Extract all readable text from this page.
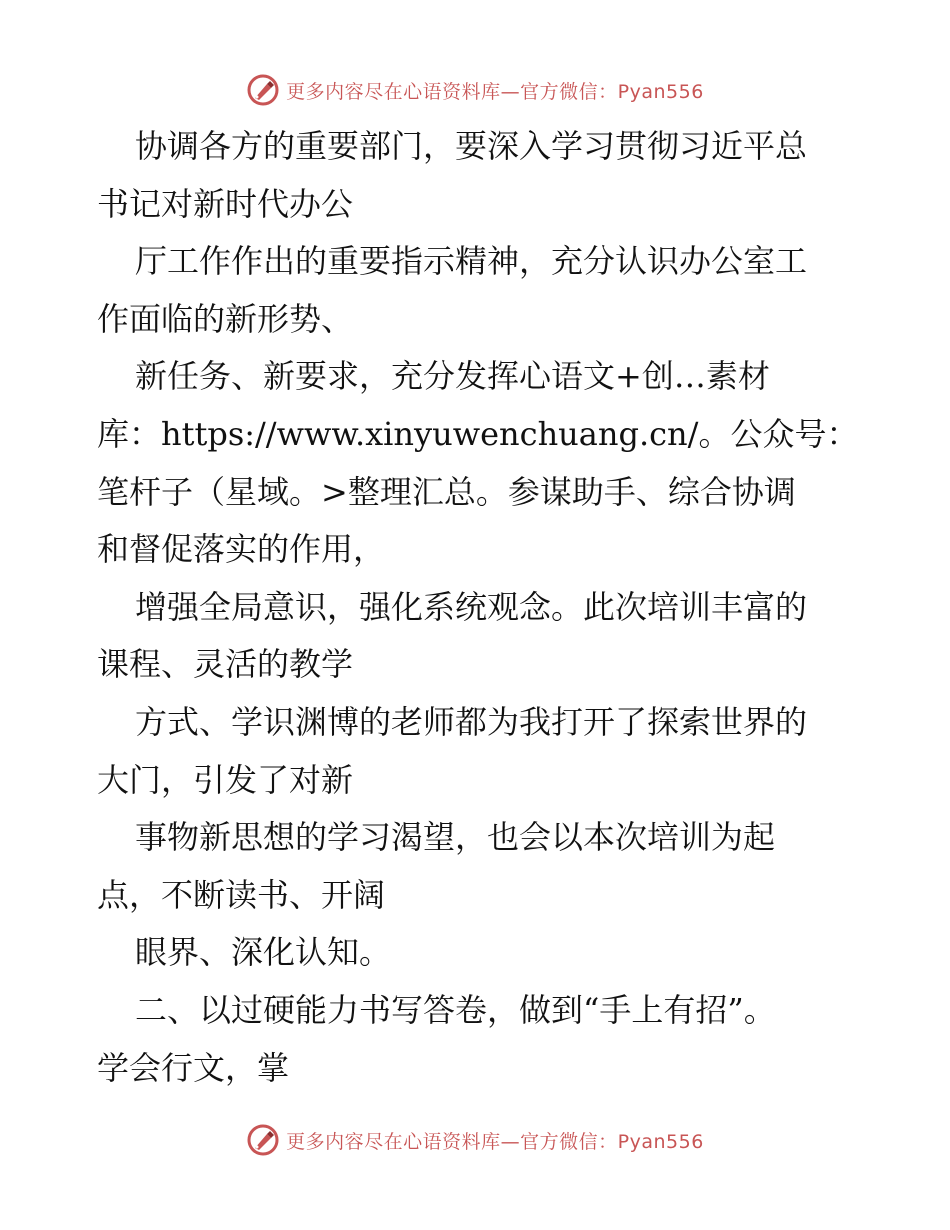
更多内容尽在心语资料库—官方微信：Pyan556
协调各方的重要部门，要深入学习贯彻习近平总
书记对新时代办公
厅工作作出的重要指示精神，充分认识办公室工
作面临的新形势、
新任务、新要求，充分发挥心语文+创…素材
库：https://www.xinyuwenchuang.cn/。公众号：
笔杆子（星域。>整理汇总。参谋助手、综合协调
和督促落实的作用，
增强全局意识，强化系统观念。此次培训丰富的
课程、灵活的教学
方式、学识渊博的老师都为我打开了探索世界的
大门，引发了对新
事物新思想的学习渴望，也会以本次培训为起
点，不断读书、开阔
眼界、深化认知。
二、以过硬能力书写答卷，做到“手上有招”。
学会行文，掌
更多内容尽在心语资料库—官方微信：Pyan556
